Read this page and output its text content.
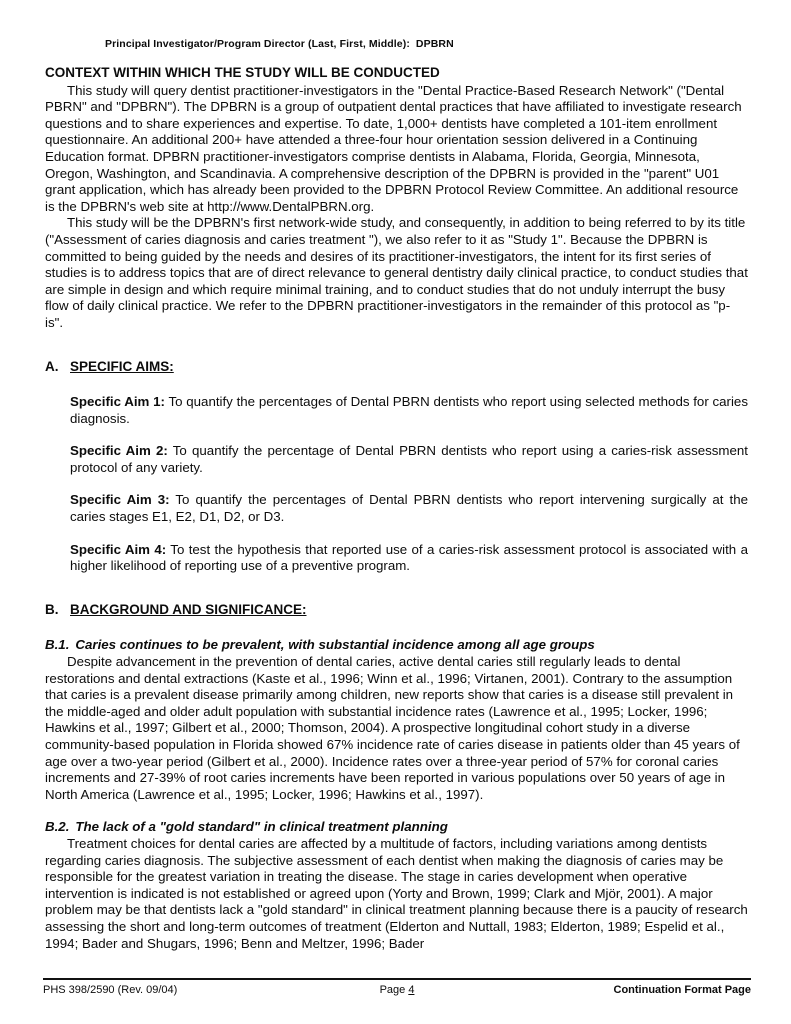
Principal Investigator/Program Director (Last, First, Middle): DPBRN
CONTEXT WITHIN WHICH THE STUDY WILL BE CONDUCTED

This study will query dentist practitioner-investigators in the "Dental Practice-Based Research Network" ("Dental PBRN" and "DPBRN"). The DPBRN is a group of outpatient dental practices that have affiliated to investigate research questions and to share experiences and expertise. To date, 1,000+ dentists have completed a 101-item enrollment questionnaire. An additional 200+ have attended a three-four hour orientation session delivered in a Continuing Education format. DPBRN practitioner-investigators comprise dentists in Alabama, Florida, Georgia, Minnesota, Oregon, Washington, and Scandinavia. A comprehensive description of the DPBRN is provided in the "parent" U01 grant application, which has already been provided to the DPBRN Protocol Review Committee. An additional resource is the DPBRN's web site at http://www.DentalPBRN.org.

This study will be the DPBRN's first network-wide study, and consequently, in addition to being referred to by its title ("Assessment of caries diagnosis and caries treatment "), we also refer to it as "Study 1". Because the DPBRN is committed to being guided by the needs and desires of its practitioner-investigators, the intent for its first series of studies is to address topics that are of direct relevance to general dentistry daily clinical practice, to conduct studies that are simple in design and which require minimal training, and to conduct studies that do not unduly interrupt the busy flow of daily clinical practice. We refer to the DPBRN practitioner-investigators in the remainder of this protocol as "p-is".

A. SPECIFIC AIMS:
Specific Aim 1: To quantify the percentages of Dental PBRN dentists who report using selected methods for caries diagnosis.
Specific Aim 2: To quantify the percentage of Dental PBRN dentists who report using a caries-risk assessment protocol of any variety.
Specific Aim 3: To quantify the percentages of Dental PBRN dentists who report intervening surgically at the caries stages E1, E2, D1, D2, or D3.
Specific Aim 4: To test the hypothesis that reported use of a caries-risk assessment protocol is associated with a higher likelihood of reporting use of a preventive program.
B. BACKGROUND AND SIGNIFICANCE:
B.1. Caries continues to be prevalent, with substantial incidence among all age groups

Despite advancement in the prevention of dental caries, active dental caries still regularly leads to dental restorations and dental extractions (Kaste et al., 1996; Winn et al., 1996; Virtanen, 2001). Contrary to the assumption that caries is a prevalent disease primarily among children, new reports show that caries is a disease still prevalent in the middle-aged and older adult population with substantial incidence rates (Lawrence et al., 1995; Locker, 1996; Hawkins et al., 1997; Gilbert et al., 2000; Thomson, 2004). A prospective longitudinal cohort study in a diverse community-based population in Florida showed 67% incidence rate of caries disease in patients older than 45 years of age over a two-year period (Gilbert et al., 2000). Incidence rates over a three-year period of 57% for coronal caries increments and 27-39% of root caries increments have been reported in various populations over 50 years of age in North America (Lawrence et al., 1995; Locker, 1996; Hawkins et al., 1997).

B.2. The lack of a "gold standard" in clinical treatment planning

Treatment choices for dental caries are affected by a multitude of factors, including variations among dentists regarding caries diagnosis. The subjective assessment of each dentist when making the diagnosis of caries may be responsible for the greatest variation in treating the disease. The stage in caries development when operative intervention is indicated is not established or agreed upon (Yorty and Brown, 1999; Clark and Mjör, 2001). A major problem may be that dentists lack a "gold standard" in clinical treatment planning because there is a paucity of research assessing the short and long-term outcomes of treatment (Elderton and Nuttall, 1983; Elderton, 1989; Espelid et al., 1994; Bader and Shugars, 1996; Benn and Meltzer, 1996; Bader

PHS 398/2590 (Rev. 09/04)	Page 4	Continuation Format Page
